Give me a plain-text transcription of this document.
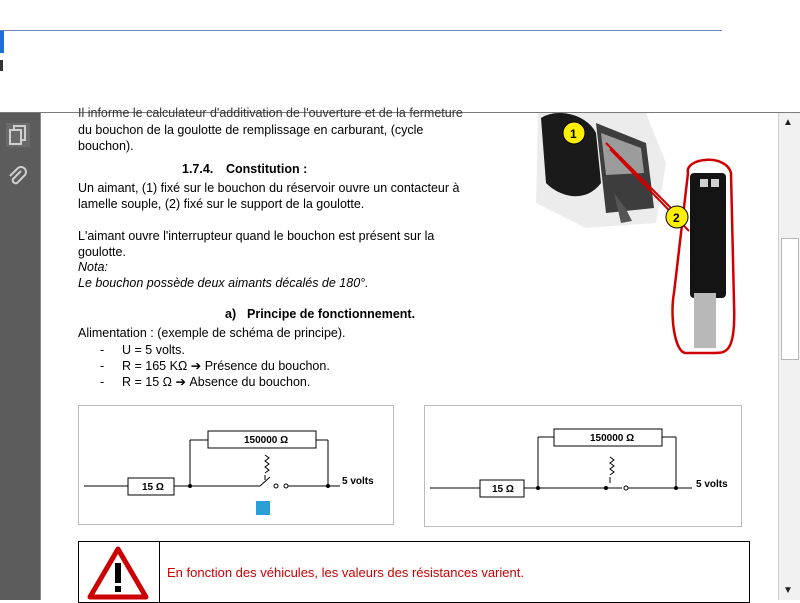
Il informe le calculateur d'additivation de l'ouverture et de la fermeture
du bouchon de la goulotte de remplissage en carburant, (cycle
bouchon).
1.7.4. Constitution :
Un aimant, (1) fixé sur le bouchon du réservoir ouvre un contacteur à
lamelle souple, (2) fixé sur le support de la goulotte.
L'aimant ouvre l'interrupteur quand le bouchon est présent sur la
goulotte.
Nota:
Le bouchon possède deux aimants décalés de 180°.
a) Principe de fonctionnement.
Alimentation : (exemple de schéma de principe).
- U = 5 volts.
- R = 165 KΩ ➔ Présence du bouchon.
- R = 15 Ω ➔ Absence du bouchon.
1
2
15 Ω
150000 Ω
5 volts
15 Ω
150000 Ω
5 volts
En fonction des véhicules, les valeurs des résistances varient.
▲
▼
